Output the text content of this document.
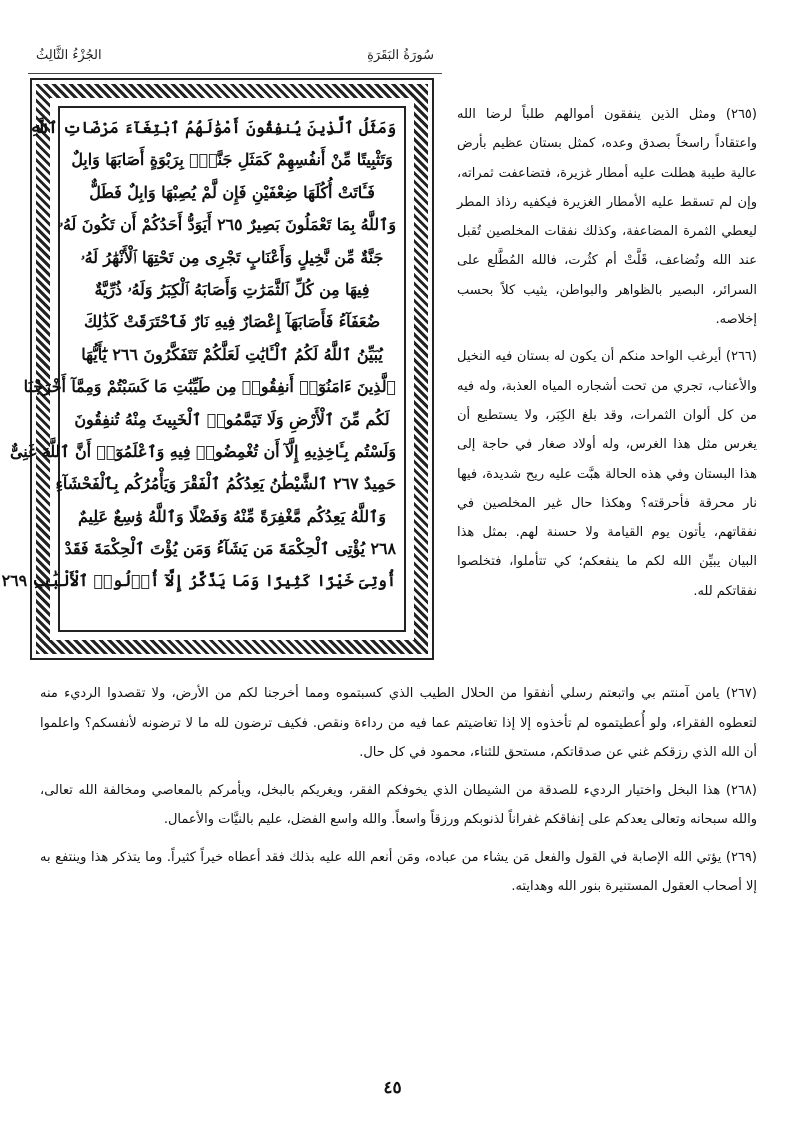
سُورَةُ البَقَرَةِ
الجُزْءُ الثَّالِثُ
وَمَثَلُ ٱلَّذِينَ يُنفِقُونَ أَمْوَٰلَهُمُ ٱبْتِغَآءَ مَرْضَاتِ ٱللَّهِ
وَتَثْبِيتًا مِّنْ أَنفُسِهِمْ كَمَثَلِ جَنَّةٍۭ بِرَبْوَةٍ أَصَابَهَا وَابِلٌ
فَـَٔاتَتْ أُكُلَهَا ضِعْفَيْنِ فَإِن لَّمْ يُصِبْهَا وَابِلٌ فَطَلٌّ
وَٱللَّهُ بِمَا تَعْمَلُونَ بَصِيرٌ ٢٦٥ أَيَوَدُّ أَحَدُكُمْ أَن تَكُونَ لَهُۥ
جَنَّةٌ مِّن نَّخِيلٍ وَأَعْنَابٍ تَجْرِى مِن تَحْتِهَا ٱلْأَنْهَٰرُ لَهُۥ
فِيهَا مِن كُلِّ ٱلثَّمَرَٰتِ وَأَصَابَهُ ٱلْكِبَرُ وَلَهُۥ ذُرِّيَّةٌ
ضُعَفَآءُ فَأَصَابَهَآ إِعْصَارٌ فِيهِ نَارٌ فَٱحْتَرَقَتْ كَذَٰلِكَ
يُبَيِّنُ ٱللَّهُ لَكُمُ ٱلْـَٔايَٰتِ لَعَلَّكُمْ تَتَفَكَّرُونَ ٢٦٦ يَٰٓأَيُّهَا
ٱلَّذِينَ ءَامَنُوٓا۟ أَنفِقُوا۟ مِن طَيِّبَٰتِ مَا كَسَبْتُمْ وَمِمَّآ أَخْرَجْنَا
لَكُم مِّنَ ٱلْأَرْضِ وَلَا تَيَمَّمُوا۟ ٱلْخَبِيثَ مِنْهُ تُنفِقُونَ
وَلَسْتُم بِـَٔاخِذِيهِ إِلَّآ أَن تُغْمِضُوا۟ فِيهِ وَٱعْلَمُوٓا۟ أَنَّ ٱللَّهَ غَنِىٌّ
حَمِيدٌ ٢٦٧ ٱلشَّيْطَٰنُ يَعِدُكُمُ ٱلْفَقْرَ وَيَأْمُرُكُم بِٱلْفَحْشَآءِ
وَٱللَّهُ يَعِدُكُم مَّغْفِرَةً مِّنْهُ وَفَضْلًا وَٱللَّهُ وَٰسِعٌ عَلِيمٌ
٢٦٨ يُؤْتِى ٱلْحِكْمَةَ مَن يَشَآءُ وَمَن يُؤْتَ ٱلْحِكْمَةَ فَقَدْ
أُوتِىَ خَيْرًا كَثِيرًا وَمَا يَذَّكَّرُ إِلَّآ أُو۟لُوا۟ ٱلْأَلْبَٰبِ ٢٦٩

(٢٦٥) ومثل الذين ينفقون أموالهم طلباً لرضا الله واعتقاداً راسخاً بصدق وعده، كمثل بستان عظيم بأرض عالية طيبة هطلت عليه أمطار غزيرة، فتضاعفت ثمراته، وإن لم تسقط عليه الأمطار الغزيرة فيكفيه رذاذ المطر ليعطي الثمرة المضاعفة، وكذلك نفقات المخلصين تُقبل عند الله وتُضاعف، قَلَّتْ أم كثُرت، فالله المُطَّلع على السرائر، البصير بالظواهر والبواطن، يثيب كلاً بحسب إخلاصه.

(٢٦٦) أيرغب الواحد منكم أن يكون له بستان فيه النخيل والأعناب، تجري من تحت أشجاره المياه العذبة، وله فيه من كل ألوان الثمرات، وقد بلغ الكِبَر، ولا يستطيع أن يغرس مثل هذا الغرس، وله أولاد صغار في حاجة إلى هذا البستان وفي هذه الحالة هبَّت عليه ريح شديدة، فيها نار محرقة فأحرقته؟ وهكذا حال غير المخلصين في نفقاتهم، يأتون يوم القيامة ولا حسنة لهم. بمثل هذا البيان يبيِّن الله لكم ما ينفعكم؛ كي تتأملوا، فتخلصوا نفقاتكم لله.

(٢٦٧) يامن آمنتم بي واتبعتم رسلي أنفقوا من الحلال الطيب الذي كسبتموه ومما أخرجنا لكم من الأرض، ولا تقصدوا الرديء منه لتعطوه الفقراء، ولو أُعطيتموه لم تأخذوه إلا إذا تغاضيتم عما فيه من رداءة ونقص. فكيف ترضون لله ما لا ترضونه لأنفسكم؟ واعلموا أن الله الذي رزقكم غني عن صدقاتكم، مستحق للثناء، محمود في كل حال.

(٢٦٨) هذا البخل واختيار الرديء للصدقة من الشيطان الذي يخوفكم الفقر، ويغريكم بالبخل، ويأمركم بالمعاصي ومخالفة الله تعالى، والله سبحانه وتعالى يعدكم على إنفاقكم غفراناً لذنوبكم ورزقاً واسعاً. والله واسع الفضل، عليم بالنيَّات والأعمال.

(٢٦٩) يؤتي الله الإصابة في القول والفعل مَن يشاء من عباده، ومَن أنعم الله عليه بذلك فقد أعطاه خيراً كثيراً. وما يتذكر هذا وينتفع به إلا أصحاب العقول المستنيرة بنور الله وهدايته.

٤٥
